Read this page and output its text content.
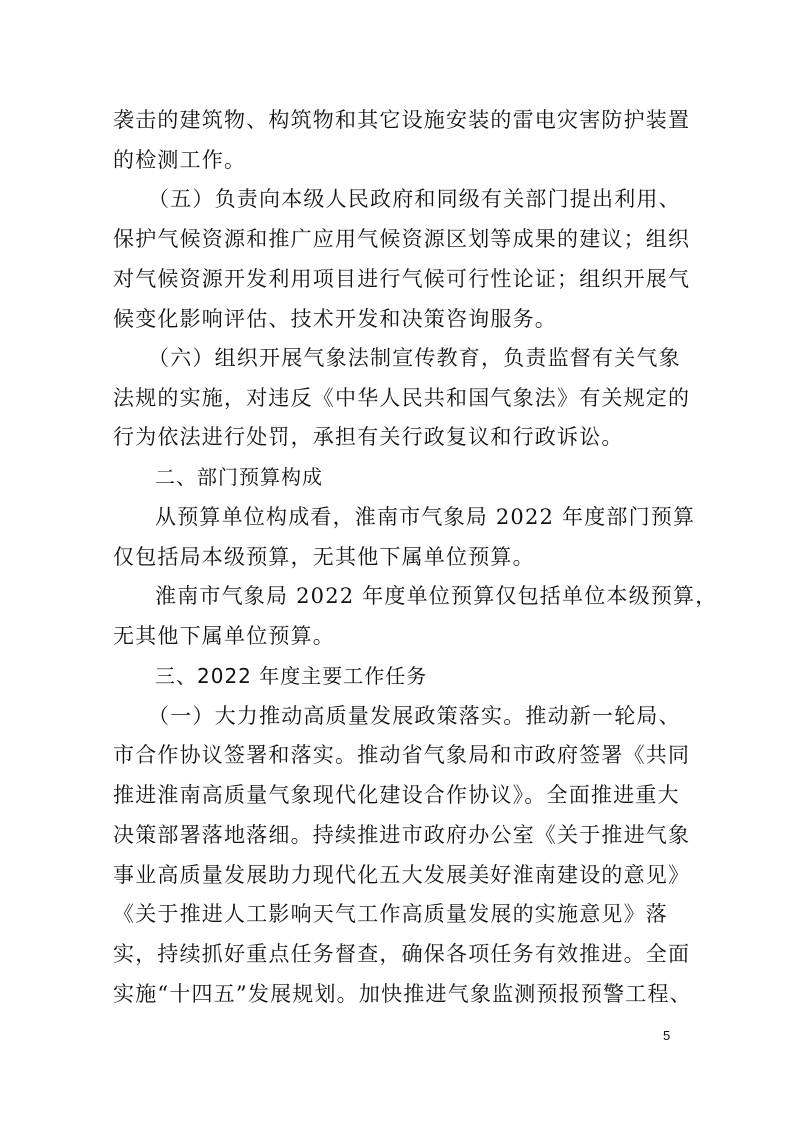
袭击的建筑物、构筑物和其它设施安装的雷电灾害防护装置
的检测工作。
（五）负责向本级人民政府和同级有关部门提出利用、
保护气候资源和推广应用气候资源区划等成果的建议；组织
对气候资源开发利用项目进行气候可行性论证；组织开展气
候变化影响评估、技术开发和决策咨询服务。
（六）组织开展气象法制宣传教育，负责监督有关气象
法规的实施，对违反《中华人民共和国气象法》有关规定的
行为依法进行处罚，承担有关行政复议和行政诉讼。
二、部门预算构成
从预算单位构成看，淮南市气象局 2022 年度部门预算
仅包括局本级预算，无其他下属单位预算。
淮南市气象局 2022 年度单位预算仅包括单位本级预算，
无其他下属单位预算。
三、2022 年度主要工作任务
（一）大力推动高质量发展政策落实。推动新一轮局、
市合作协议签署和落实。推动省气象局和市政府签署《共同
推进淮南高质量气象现代化建设合作协议》。全面推进重大
决策部署落地落细。持续推进市政府办公室《关于推进气象
事业高质量发展助力现代化五大发展美好淮南建设的意见》
《关于推进人工影响天气工作高质量发展的实施意见》落
实，持续抓好重点任务督查，确保各项任务有效推进。全面
实施“十四五”发展规划。加快推进气象监测预报预警工程、
5
